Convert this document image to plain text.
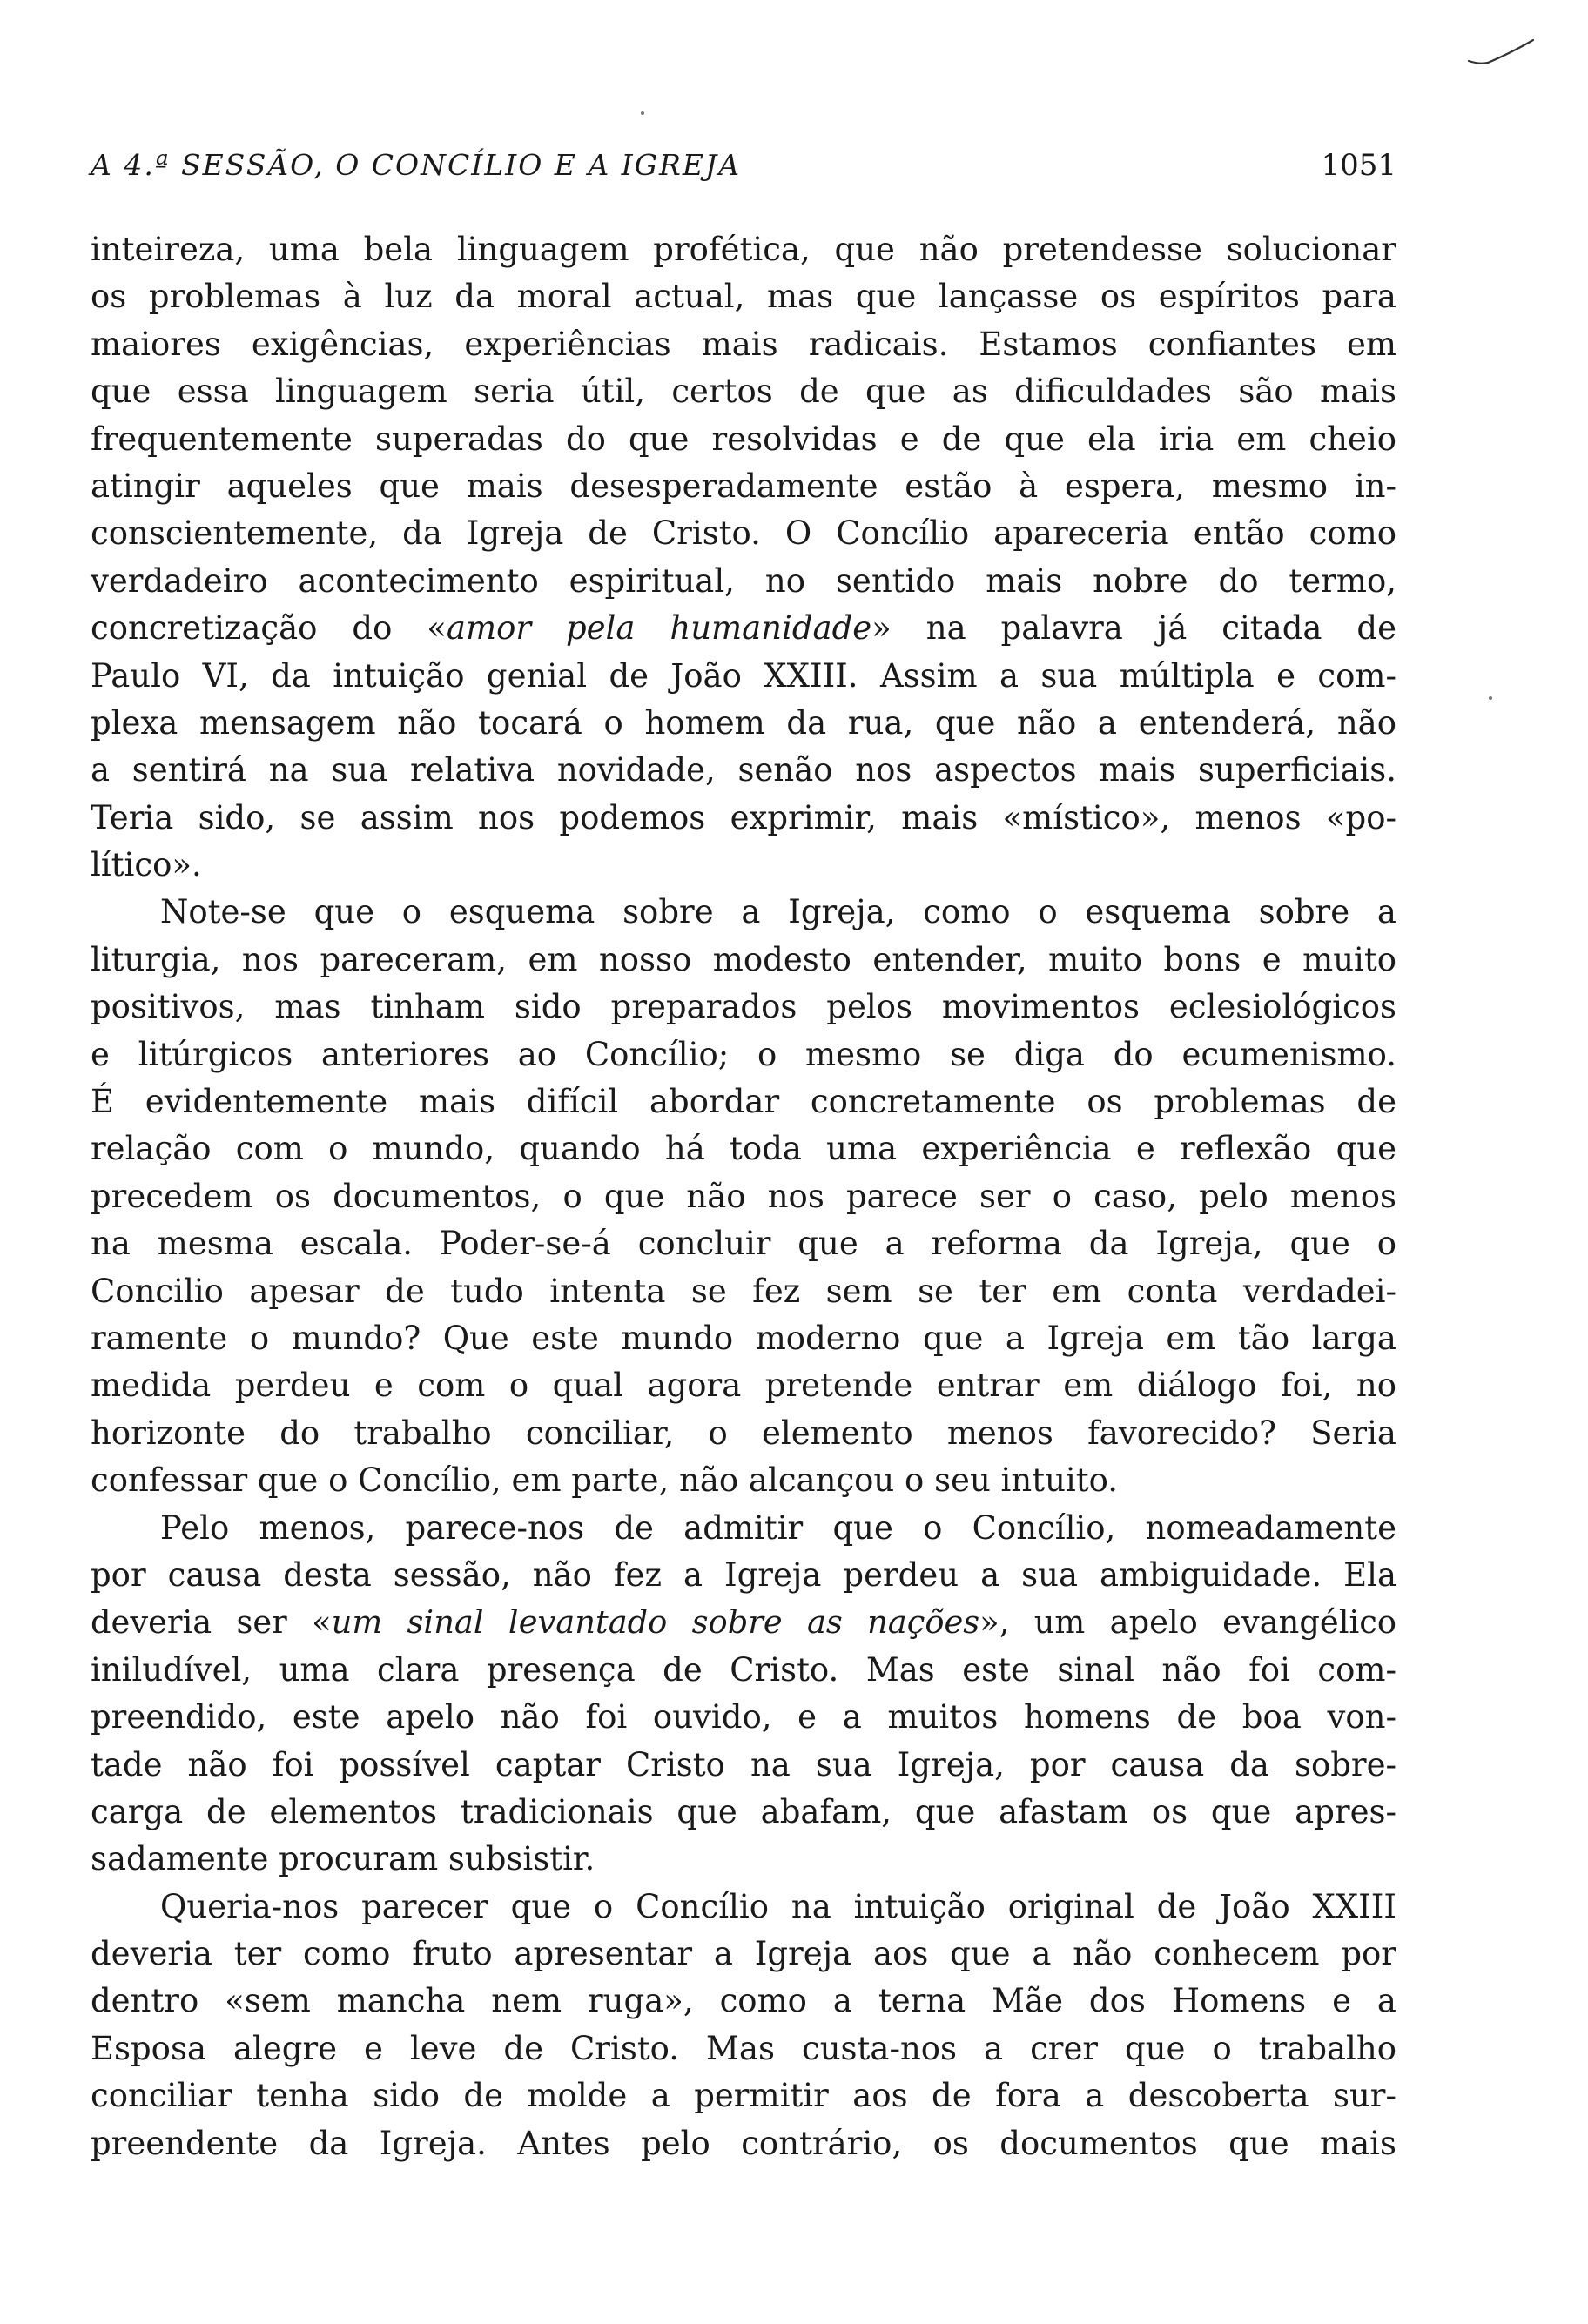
A 4.ª SESSÃO, O CONCÍLIO E A IGREJA	1051
inteireza, uma bela linguagem profética, que não pretendesse solucionar
os problemas à luz da moral actual, mas que lançasse os espíritos para
maiores exigências, experiências mais radicais. Estamos confiantes em
que essa linguagem seria útil, certos de que as dificuldades são mais
frequentemente superadas do que resolvidas e de que ela iria em cheio
atingir aqueles que mais desesperadamente estão à espera, mesmo in-
conscientemente, da Igreja de Cristo. O Concílio apareceria então como
verdadeiro acontecimento espiritual, no sentido mais nobre do termo,
concretização do «amor pela humanidade» na palavra já citada de
Paulo VI, da intuição genial de João XXIII. Assim a sua múltipla e com-
plexa mensagem não tocará o homem da rua, que não a entenderá, não
a sentirá na sua relativa novidade, senão nos aspectos mais superficiais.
Teria sido, se assim nos podemos exprimir, mais «místico», menos «po-
lítico».
Note-se que o esquema sobre a Igreja, como o esquema sobre a
liturgia, nos pareceram, em nosso modesto entender, muito bons e muito
positivos, mas tinham sido preparados pelos movimentos eclesiológicos
e litúrgicos anteriores ao Concílio; o mesmo se diga do ecumenismo.
É evidentemente mais difícil abordar concretamente os problemas de
relação com o mundo, quando há toda uma experiência e reflexão que
precedem os documentos, o que não nos parece ser o caso, pelo menos
na mesma escala. Poder-se-á concluir que a reforma da Igreja, que o
Concilio apesar de tudo intenta se fez sem se ter em conta verdadei-
ramente o mundo? Que este mundo moderno que a Igreja em tão larga
medida perdeu e com o qual agora pretende entrar em diálogo foi, no
horizonte do trabalho conciliar, o elemento menos favorecido? Seria
confessar que o Concílio, em parte, não alcançou o seu intuito.
Pelo menos, parece-nos de admitir que o Concílio, nomeadamente
por causa desta sessão, não fez a Igreja perdeu a sua ambiguidade. Ela
deveria ser «um sinal levantado sobre as nações», um apelo evangélico
iniludível, uma clara presença de Cristo. Mas este sinal não foi com-
preendido, este apelo não foi ouvido, e a muitos homens de boa von-
tade não foi possível captar Cristo na sua Igreja, por causa da sobre-
carga de elementos tradicionais que abafam, que afastam os que apres-
sadamente procuram subsistir.
Queria-nos parecer que o Concílio na intuição original de João XXIII
deveria ter como fruto apresentar a Igreja aos que a não conhecem por
dentro «sem mancha nem ruga», como a terna Mãe dos Homens e a
Esposa alegre e leve de Cristo. Mas custa-nos a crer que o trabalho
conciliar tenha sido de molde a permitir aos de fora a descoberta sur-
preendente da Igreja. Antes pelo contrário, os documentos que mais
